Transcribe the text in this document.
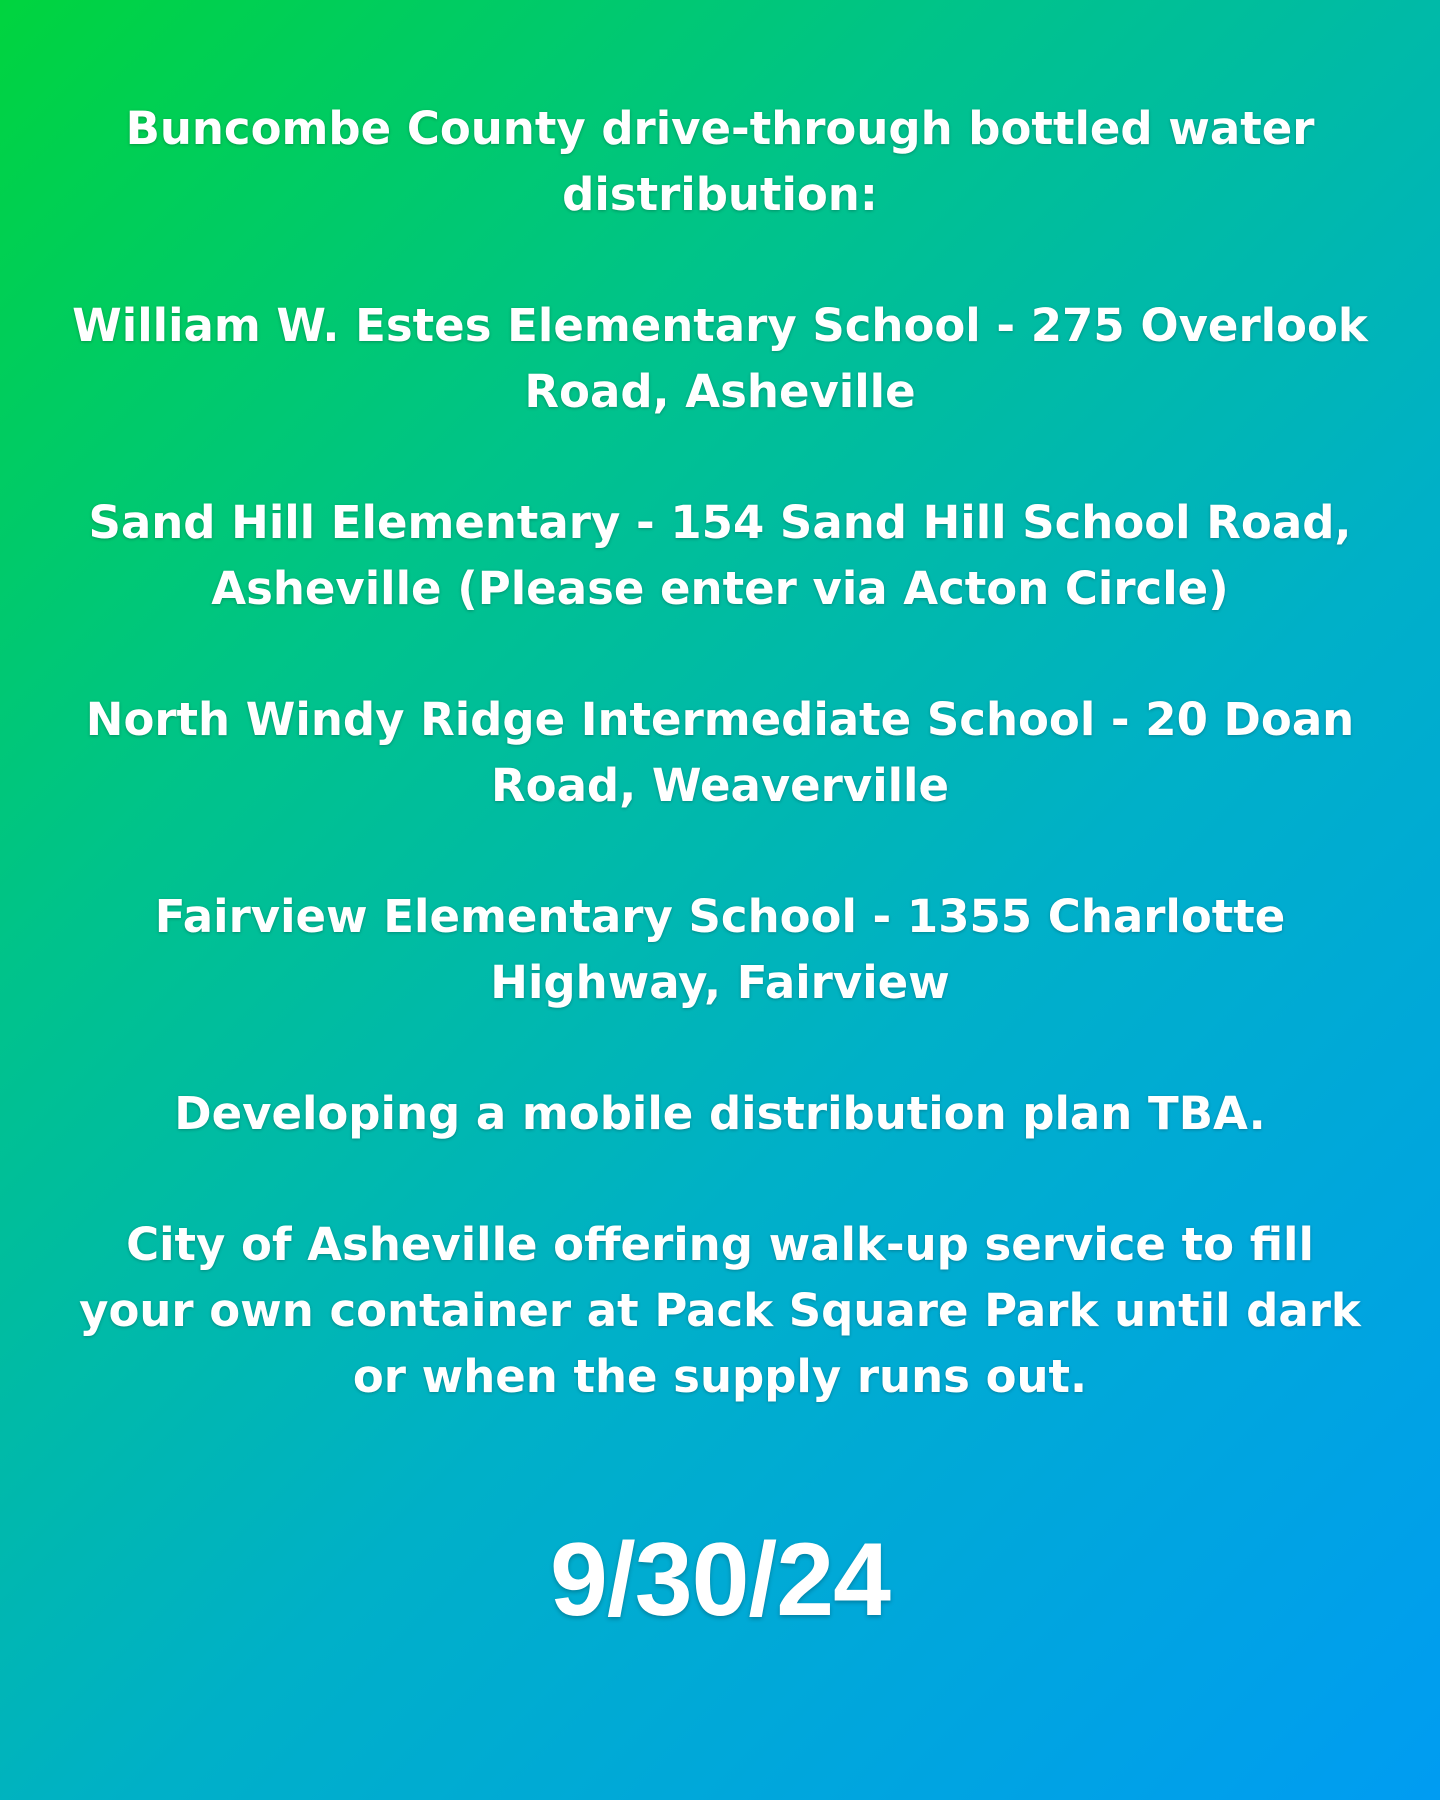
Buncombe County drive-through bottled water distribution:

William W. Estes Elementary School - 275 Overlook Road, Asheville

Sand Hill Elementary - 154 Sand Hill School Road, Asheville (Please enter via Acton Circle)

North Windy Ridge Intermediate School - 20 Doan Road, Weaverville

Fairview Elementary School - 1355 Charlotte Highway, Fairview

Developing a mobile distribution plan TBA.

City of Asheville offering walk-up service to fill your own container at Pack Square Park until dark or when the supply runs out.

9/30/24
